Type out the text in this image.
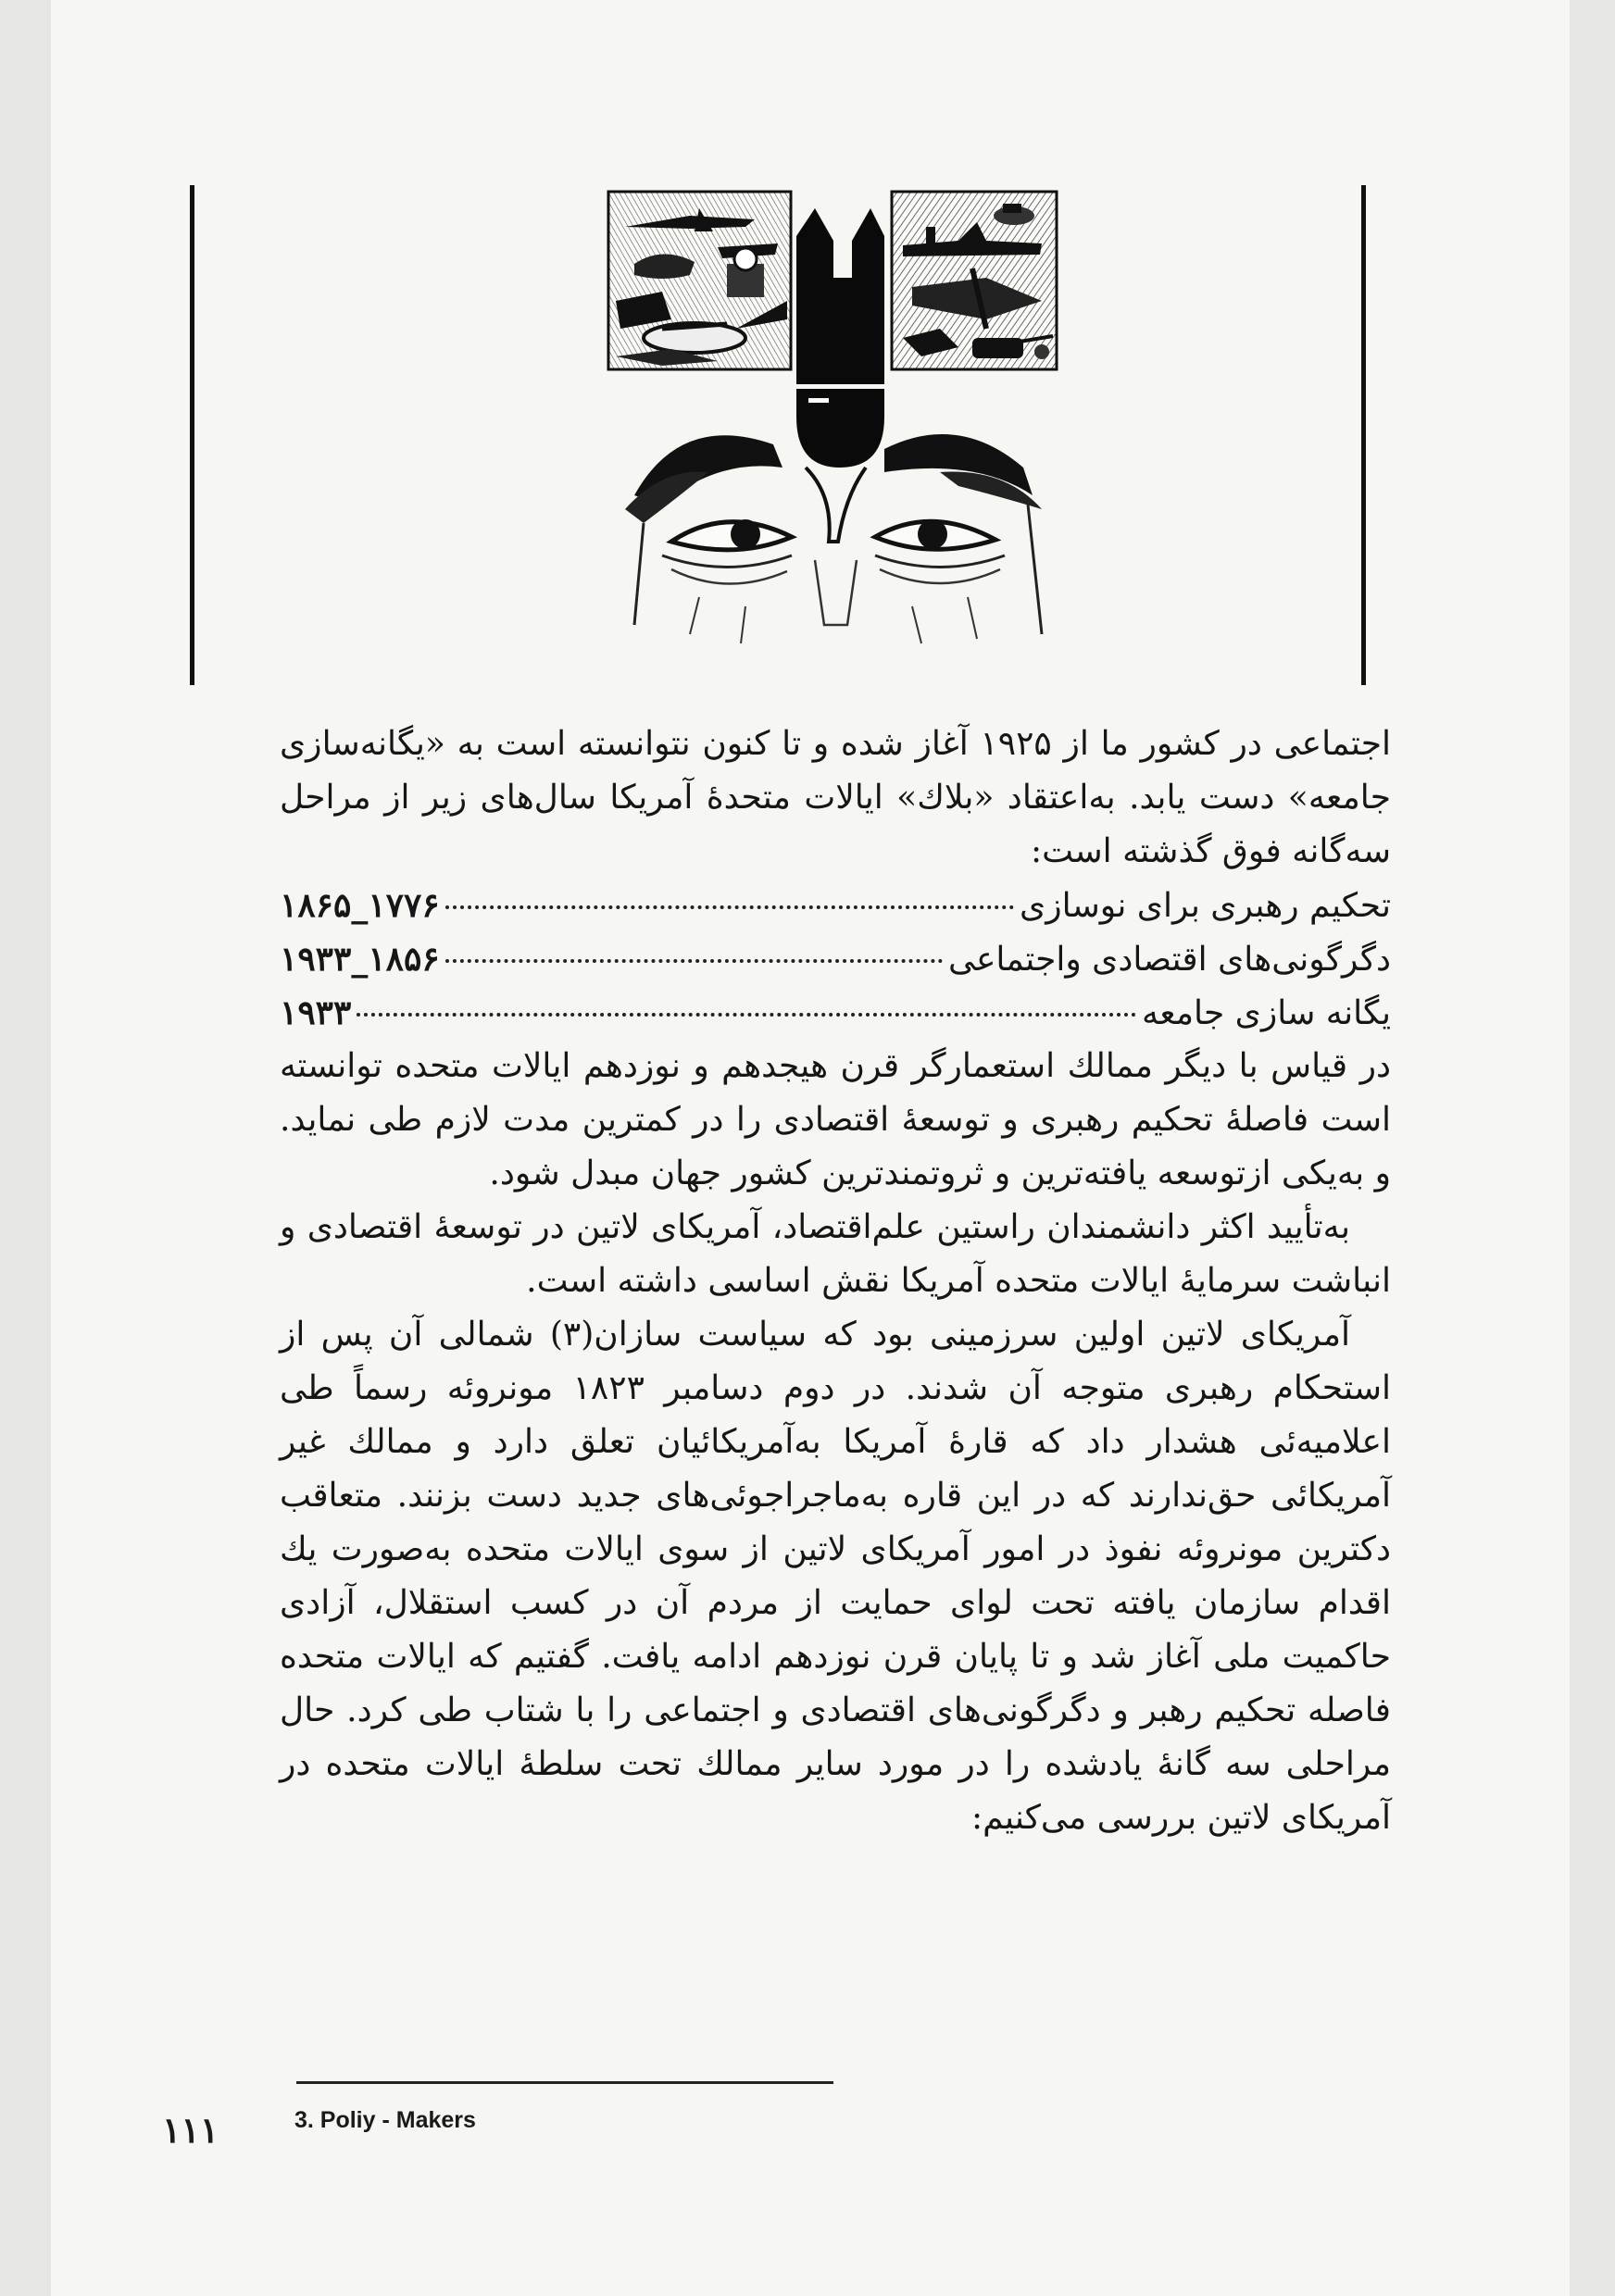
اجتماعی در کشور ما از ۱۹۲۵ آغاز شده و تا کنون نتوانسته است به «یگانه‌سازی جامعه» دست یابد. به‌اعتقاد «بلاك» ایالات متحدهٔ آمریکا سال‌های زیر از مراحل سه‌گانه فوق گذشته است:

تحکیم رهبری برای نوسازی
۱۷۷۶_۱۸۶۵
دگرگونی‌های اقتصادی واجتماعی
۱۸۵۶_۱۹۳۳
یگانه سازی جامعه
۱۹۳۳

در قیاس با دیگر ممالك استعمارگر قرن هیجدهم و نوزدهم ایالات متحده توانسته است فاصلهٔ تحکیم رهبری و توسعهٔ اقتصادی را در کمترین مدت لازم طی نماید. و به‌یکی ازتوسعه یافته‌ترین و ثروتمندترین کشور جهان مبدل شود.

به‌تأیید اکثر دانشمندان راستین علم‌اقتصاد، آمریکای لاتین در توسعهٔ اقتصادی و انباشت سرمایهٔ ایالات متحده آمریکا نقش اساسی داشته است.

آمریکای لاتین اولین سرزمینی بود که سیاست سازان(۳) شمالی آن پس از استحکام رهبری متوجه آن شدند. در دوم دسامبر ۱۸۲۳ مونروئه رسماً طی اعلامیه‌ئی هشدار داد که قارهٔ آمریکا به‌آمریکائیان تعلق دارد و ممالك غیر آمریکائی حق‌ندارند که در این قاره به‌ماجراجوئی‌های جدید دست بزنند. متعاقب دکترین مونروئه نفوذ در امور آمریکای لاتین از سوی ایالات متحده به‌صورت یك اقدام سازمان یافته تحت لوای حمایت از مردم آن در کسب استقلال، آزادی حاکمیت ملی آغاز شد و تا پایان قرن نوزدهم ادامه یافت. گفتیم که ایالات متحده فاصله تحکیم رهبر و دگرگونی‌های اقتصادی و اجتماعی را با شتاب طی کرد. حال مراحلی سه گانهٔ یادشده را در مورد سایر ممالك تحت سلطهٔ ایالات متحده در آمریکای لاتین بررسی می‌کنیم:

3. Poliy - Makers
۱۱۱
